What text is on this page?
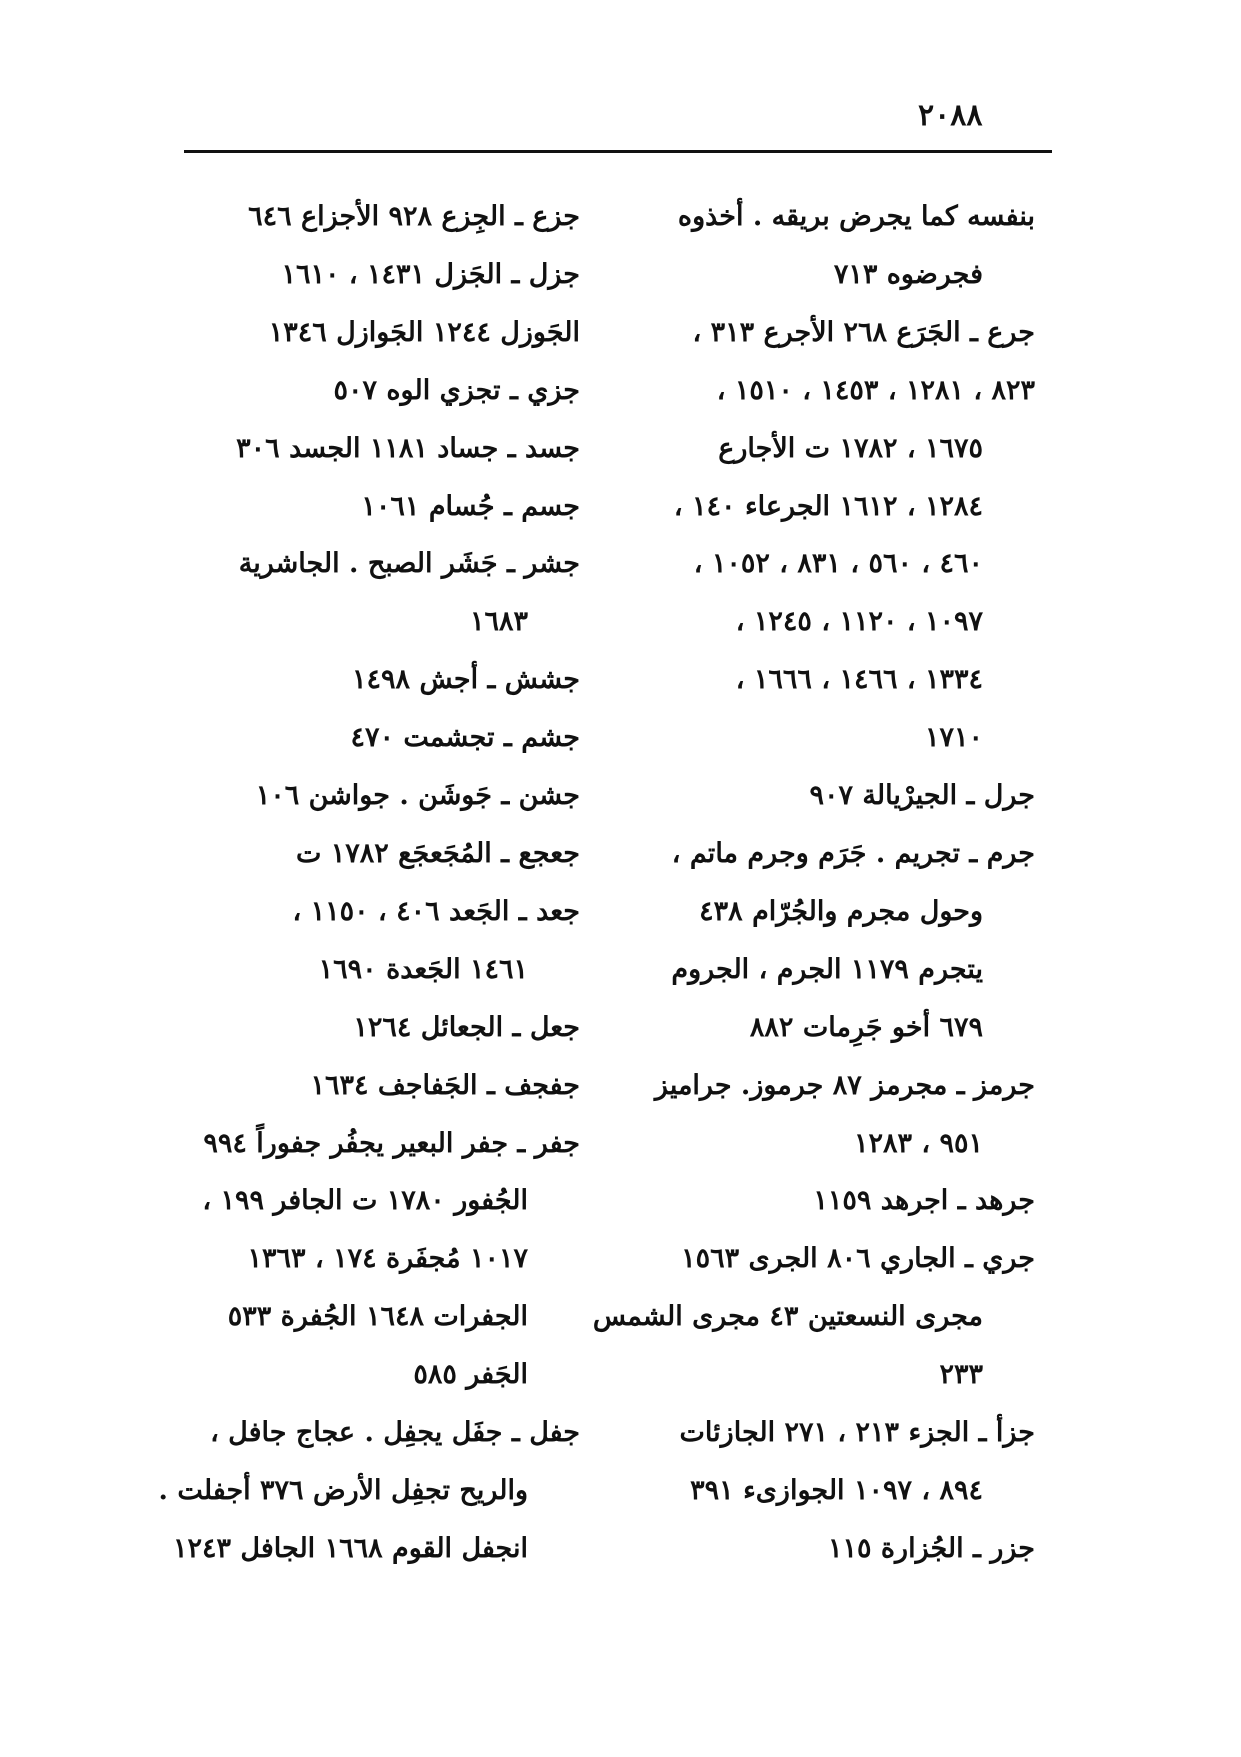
٢٠٨٨
بنفسه كما يجرض بريقه . أخذوه
فجرضوه ٧١٣
جرع ـ الجَرَع ٢٦٨ الأجرع ٣١٣ ،
٨٢٣ ، ١٢٨١ ، ١٤٥٣ ، ١٥١٠ ،
١٦٧٥ ، ١٧٨٢ ت الأجارع
١٢٨٤ ، ١٦١٢ الجرعاء ١٤٠ ،
٤٦٠ ، ٥٦٠ ، ٨٣١ ، ١٠٥٢ ،
١٠٩٧ ، ١١٢٠ ، ١٢٤٥ ،
١٣٣٤ ، ١٤٦٦ ، ١٦٦٦ ،
١٧١٠
جرل ـ الجيرْيالة ٩٠٧
جرم ـ تجريم . جَرَم وجرم ماتم ،
وحول مجرم والجُرّام ٤٣٨
يتجرم ١١٧٩ الجرم ، الجروم
٦٧٩ أخو جَرِمات ٨٨٢
جرمز ـ مجرمز ٨٧ جرموز. جراميز
٩٥١ ، ١٢٨٣
جرهد ـ اجرهد ١١٥٩
جري ـ الجاري ٨٠٦ الجرى ١٥٦٣
مجرى النسعتين ٤٣ مجرى الشمس
٢٣٣
جزأ ـ الجزء ٢١٣ ، ٢٧١ الجازئات
٨٩٤ ، ١٠٩٧ الجوازىء ٣٩١
جزر ـ الجُزارة ١١٥
جزع ـ الجِزع ٩٢٨ الأجزاع ٦٤٦
جزل ـ الجَزل ١٤٣١ ، ١٦١٠
الجَوزل ١٢٤٤ الجَوازل ١٣٤٦
جزي ـ تجزي الوه ٥٠٧
جسد ـ جساد ١١٨١ الجسد ٣٠٦
جسم ـ جُسام ١٠٦١
جشر ـ جَشَر الصبح . الجاشرية
١٦٨٣
جشش ـ أجش ١٤٩٨
جشم ـ تجشمت ٤٧٠
جشن ـ جَوشَن . جواشن ١٠٦
جعجع ـ المُجَعجَع ١٧٨٢ ت
جعد ـ الجَعد ٤٠٦ ، ١١٥٠ ،
١٤٦١ الجَعدة ١٦٩٠
جعل ـ الجعائل ١٢٦٤
جفجف ـ الجَفاجف ١٦٣٤
جفر ـ جفر البعير يجفُر جفوراً ٩٩٤
الجُفور ١٧٨٠ ت الجافر ١٩٩ ،
١٠١٧ مُجفَرة ١٧٤ ، ١٣٦٣
الجفرات ١٦٤٨ الجُفرة ٥٣٣
الجَفر ٥٨٥
جفل ـ جفَل يجفِل . عجاج جافل ،
والريح تجفِل الأرض ٣٧٦ أجفلت .
انجفل القوم ١٦٦٨ الجافل ١٢٤٣
